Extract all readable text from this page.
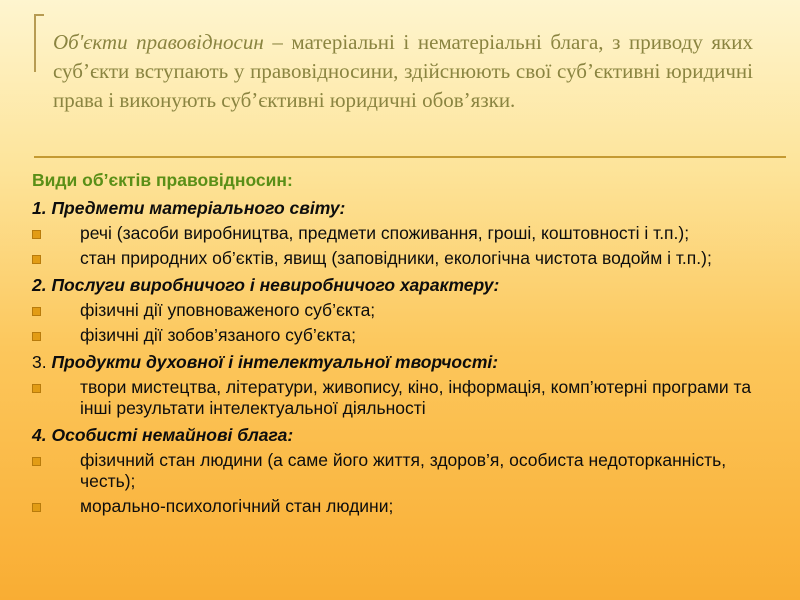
Об'єкти правовідносин – матеріальні і нематеріальні блага, з приводу яких суб’єкти вступають у правовідносини, здійснюють свої суб’єктивні юридичні права і виконують суб’єктивні юридичні обов’язки.

Види об’єктів правовідносин:
1. Предмети матеріального світу:
речі (засоби виробництва, предмети споживання, гроші, коштовності і т.п.);
стан природних об’єктів, явищ (заповідники, екологічна чистота водойм і т.п.);
2. Послуги виробничого і невиробничого характеру:
фізичні дії уповноваженого суб’єкта;
фізичні дії зобов’язаного суб’єкта;
3. Продукти духовної і інтелектуальної творчості:
твори мистецтва, літератури, живопису, кіно, інформація, комп’ютерні програми та інші результати інтелектуальної діяльності
4. Особисті немайнові блага:
фізичний стан людини (а саме його життя, здоров’я, особиста недоторканність, честь);
морально-психологічний стан людини;
